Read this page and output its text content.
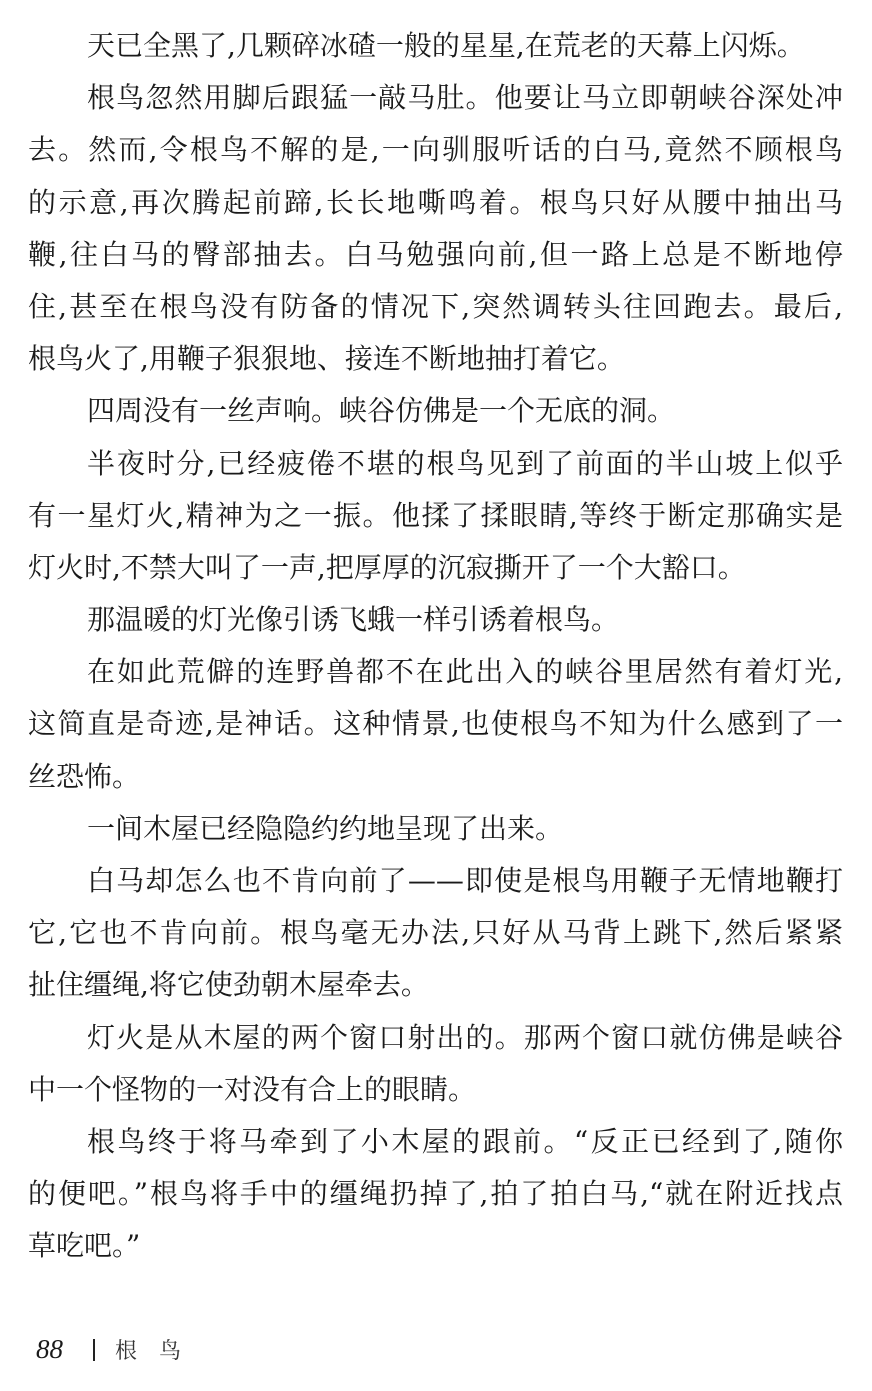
天已全黑了,几颗碎冰碴一般的星星,在荒老的天幕上闪烁。
根鸟忽然用脚后跟猛一敲马肚。他要让马立即朝峡谷深处冲
去。然而,令根鸟不解的是,一向驯服听话的白马,竟然不顾根鸟
的示意,再次腾起前蹄,长长地嘶鸣着。根鸟只好从腰中抽出马
鞭,往白马的臀部抽去。白马勉强向前,但一路上总是不断地停
住,甚至在根鸟没有防备的情况下,突然调转头往回跑去。最后,
根鸟火了,用鞭子狠狠地、接连不断地抽打着它。
四周没有一丝声响。峡谷仿佛是一个无底的洞。
半夜时分,已经疲倦不堪的根鸟见到了前面的半山坡上似乎
有一星灯火,精神为之一振。他揉了揉眼睛,等终于断定那确实是
灯火时,不禁大叫了一声,把厚厚的沉寂撕开了一个大豁口。
那温暖的灯光像引诱飞蛾一样引诱着根鸟。
在如此荒僻的连野兽都不在此出入的峡谷里居然有着灯光,
这简直是奇迹,是神话。这种情景,也使根鸟不知为什么感到了一
丝恐怖。
一间木屋已经隐隐约约地呈现了出来。
白马却怎么也不肯向前了——即使是根鸟用鞭子无情地鞭打
它,它也不肯向前。根鸟毫无办法,只好从马背上跳下,然后紧紧
扯住缰绳,将它使劲朝木屋牵去。
灯火是从木屋的两个窗口射出的。那两个窗口就仿佛是峡谷
中一个怪物的一对没有合上的眼睛。
根鸟终于将马牵到了小木屋的跟前。“反正已经到了,随你
的便吧。”根鸟将手中的缰绳扔掉了,拍了拍白马,“就在附近找点
草吃吧。”
88 根鸟
